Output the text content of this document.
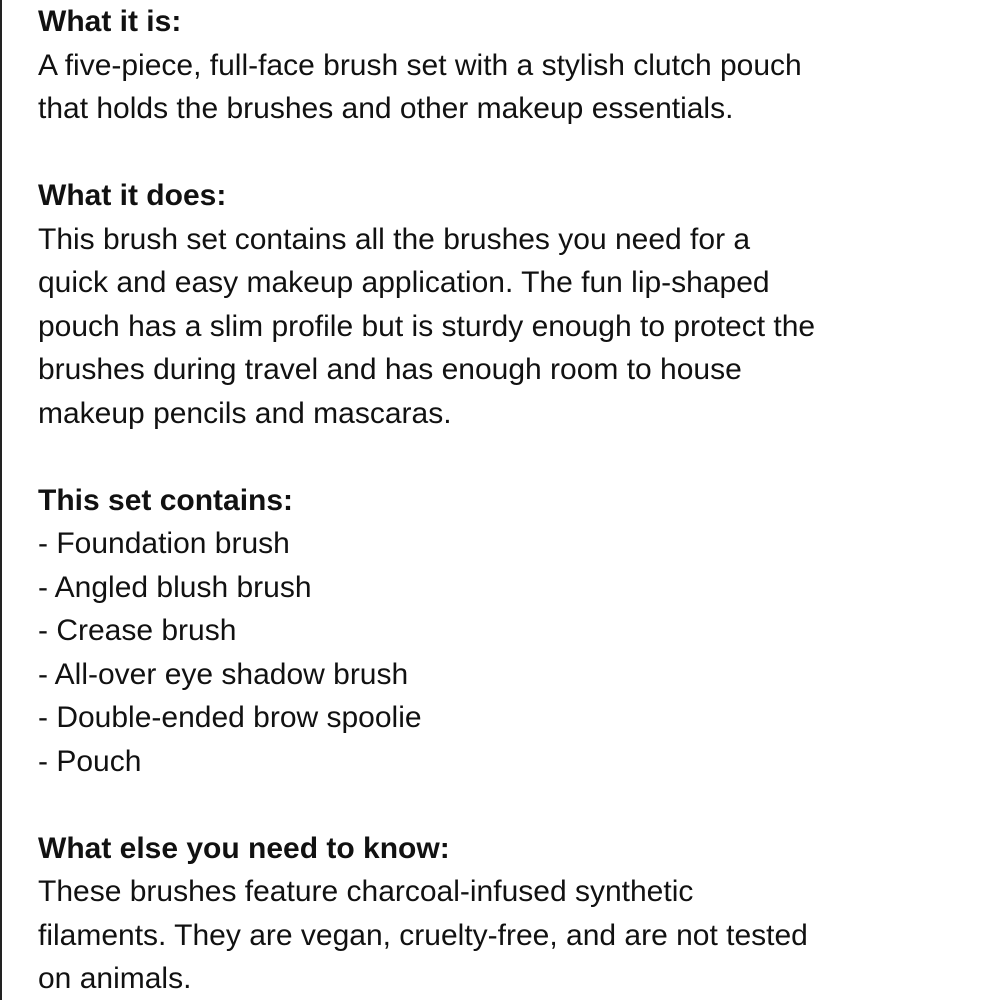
What it is:

A five-piece, full-face brush set with a stylish clutch pouch

that holds the brushes and other makeup essentials.

What it does:

This brush set contains all the brushes you need for a

quick and easy makeup application. The fun lip-shaped

pouch has a slim profile but is sturdy enough to protect the

brushes during travel and has enough room to house

makeup pencils and mascaras.

This set contains:

- Foundation brush

- Angled blush brush

- Crease brush

- All-over eye shadow brush

- Double-ended brow spoolie

- Pouch

What else you need to know:

These brushes feature charcoal-infused synthetic

filaments. They are vegan, cruelty-free, and are not tested

on animals.
